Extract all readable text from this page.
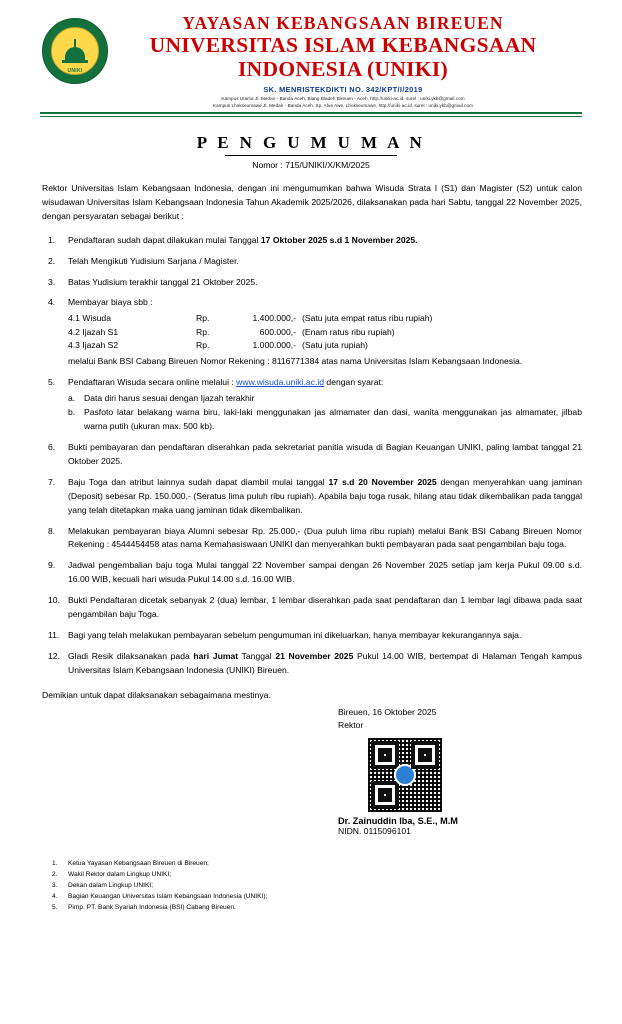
UNIKI
YAYASAN KEBANGSAAN BIREUEN
UNIVERSITAS ISLAM KEBANGSAAN INDONESIA (UNIKI)
SK. MENRISTEKDIKTI NO. 342/KPT/I/2019
Kampus Utama Jl. Medan - Banda Aceh, Blang Bladeh Bireuen - Aceh, http://uniki-ac.id, surel : uniki.ykb@gmail.com
Kampus Lhokseumawe Jl. Medan - Banda Aceh, Sp. Alue Awe, Lhokseumawe, http://uniki-ac.id, surel : uniki.ykb@gmail.com
P E N G U M U M A N
Nomor : 715/UNIKI/X/KM/2025
Rektor Universitas Islam Kebangsaan Indonesia, dengan ini mengumumkan bahwa Wisuda Strata I (S1) dan Magister (S2) untuk calon wisudawan Universitas Islam Kebangsaan Indonesia Tahun Akademik 2025/2026, dilaksanakan pada hari Sabtu, tanggal 22 November 2025, dengan persyaratan sebagai berikut :
Pendaftaran sudah dapat dilakukan mulai Tanggal 17 Oktober 2025 s.d 1 November 2025.
Telah Mengikuti Yudisium Sarjana / Magister.
Batas Yudisium terakhir tanggal 21 Oktober 2025.
Membayar biaya sbb :
4.1 Wisuda	Rp.	1.400.000,-	(Satu juta empat ratus ribu rupiah)
4.2 Ijazah S1	Rp.	600.000,-	(Enam ratus ribu rupiah)
4.3 Ijazah S2	Rp.	1.000.000,-	(Satu juta rupiah)
melalui Bank BSI Cabang Bireuen Nomor Rekening : 8116771384 atas nama Universitas Islam Kebangsaan Indonesia.
Pendaftaran Wisuda secara online melalui : www.wisuda.uniki.ac.id dengan syarat:
a. Data diri harus sesuai dengan Ijazah terakhir
b. Pasfoto latar belakang warna biru, laki-laki menggunakan jas almamater dan dasi, wanita menggunakan jas almamater, jilbab warna putih (ukuran max. 500 kb).
Bukti pembayaran dan pendaftaran diserahkan pada sekretariat panitia wisuda di Bagian Keuangan UNIKI, paling lambat tanggal 21 Oktober 2025.
Baju Toga dan atribut lainnya sudah dapat diambil mulai tanggal 17 s.d 20 November 2025 dengan menyerahkan uang jaminan (Deposit) sebesar Rp. 150.000,- (Seratus lima puluh ribu rupiah). Apabila baju toga rusak, hilang atau tidak dikembalikan pada tanggal yang telah ditetapkan maka uang jaminan tidak dikembalikan.
Melakukan pembayaran biaya Alumni sebesar Rp. 25.000,- (Dua puluh lima ribu rupiah) melalui Bank BSI Cabang Bireuen Nomor Rekening : 4544454458 atas nama Kemahasiswaan UNIKI dan menyerahkan bukti pembayaran pada saat pengambilan baju toga.
Jadwal pengembalian baju toga Mulai tanggal 22 November sampai dengan 26 November 2025 setiap jam kerja Pukul 09.00 s.d. 16.00 WIB, kecuali hari wisuda Pukul 14.00 s.d. 16.00 WIB.
Bukti Pendaftaran dicetak sebanyak 2 (dua) lembar, 1 lembar diserahkan pada saat pendaftaran dan 1 lembar lagi dibawa pada saat pengambilan baju Toga.
Bagi yang telah melakukan pembayaran sebelum pengumuman ini dikeluarkan, hanya membayar kekurangannya saja.
Gladi Resik dilaksanakan pada hari Jumat Tanggal 21 November 2025 Pukul 14.00 WIB, bertempat di Halaman Tengah kampus Universitas Islam Kebangsaan Indonesia (UNIKI) Bireuen.
Demikian untuk dapat dilaksanakan sebagaimana mestinya.
Bireuen, 16 Oktober 2025
Rektor
Dr. Zainuddin Iba, S.E., M.M
NIDN. 0115096101
Ketua Yayasan Kebangsaan Bireuen di Bireuen;
Wakil Rektor dalam Lingkup UNIKI;
Dekan dalam Lingkup UNIKI;
Bagian Keuangan Universitas Islam Kebangsaan Indonesia (UNIKI);
Pimp. PT. Bank Syariah Indonesia (BSI) Cabang Bireuen.
